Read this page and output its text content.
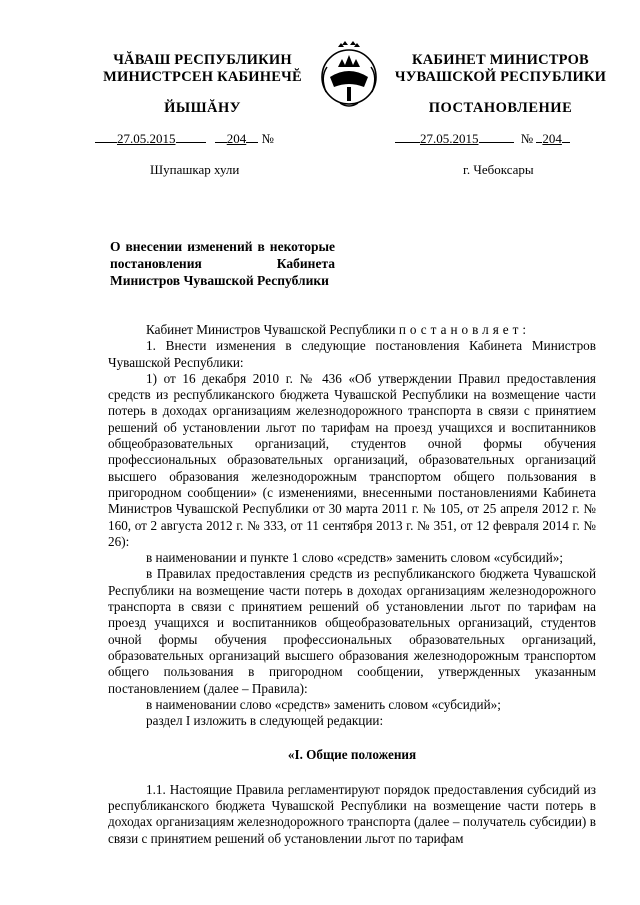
ЧĂВАШ РЕСПУБЛИКИН
МИНИСТРСЕН КАБИНЕЧĔ
ЙЫШĂНУ
КАБИНЕТ МИНИСТРОВ
ЧУВАШСКОЙ РЕСПУБЛИКИ
ПОСТАНОВЛЕНИЕ
27.05.2015	204 №	27.05.2015	№ 204
Шупашкар хули	г. Чебоксары
О внесении изменений в некоторые постановления Кабинета Министров Чувашской Республики

Кабинет Министров Чувашской Республики постановляет:

1. Внести изменения в следующие постановления Кабинета Министров Чувашской Республики:

1) от 16 декабря 2010 г. № 436 «Об утверждении Правил предоставления средств из республиканского бюджета Чувашской Республики на возмещение части потерь в доходах организациям железнодорожного транспорта в связи с принятием решений об установлении льгот по тарифам на проезд учащихся и воспитанников общеобразовательных организаций, студентов очной формы обучения профессиональных образовательных организаций, образовательных организаций высшего образования железнодорожным транспортом общего пользования в пригородном сообщении» (с изменениями, внесенными постановлениями Кабинета Министров Чувашской Республики от 30 марта 2011 г. № 105, от 25 апреля 2012 г. № 160, от 2 августа 2012 г. № 333, от 11 сентября 2013 г. № 351, от 12 февраля 2014 г. № 26):

в наименовании и пункте 1 слово «средств» заменить словом «субсидий»;

в Правилах предоставления средств из республиканского бюджета Чувашской Республики на возмещение части потерь в доходах организациям железнодорожного транспорта в связи с принятием решений об установлении льгот по тарифам на проезд учащихся и воспитанников общеобразовательных организаций, студентов очной формы обучения профессиональных образовательных организаций, образовательных организаций высшего образования железнодорожным транспортом общего пользования в пригородном сообщении, утвержденных указанным постановлением (далее – Правила):

в наименовании слово «средств» заменить словом «субсидий»;

раздел I изложить в следующей редакции:

«I. Общие положения

1.1. Настоящие Правила регламентируют порядок предоставления субсидий из республиканского бюджета Чувашской Республики на возмещение части потерь в доходах организациям железнодорожного транспорта (далее – получатель субсидии) в связи с принятием решений об установлении льгот по тарифам
